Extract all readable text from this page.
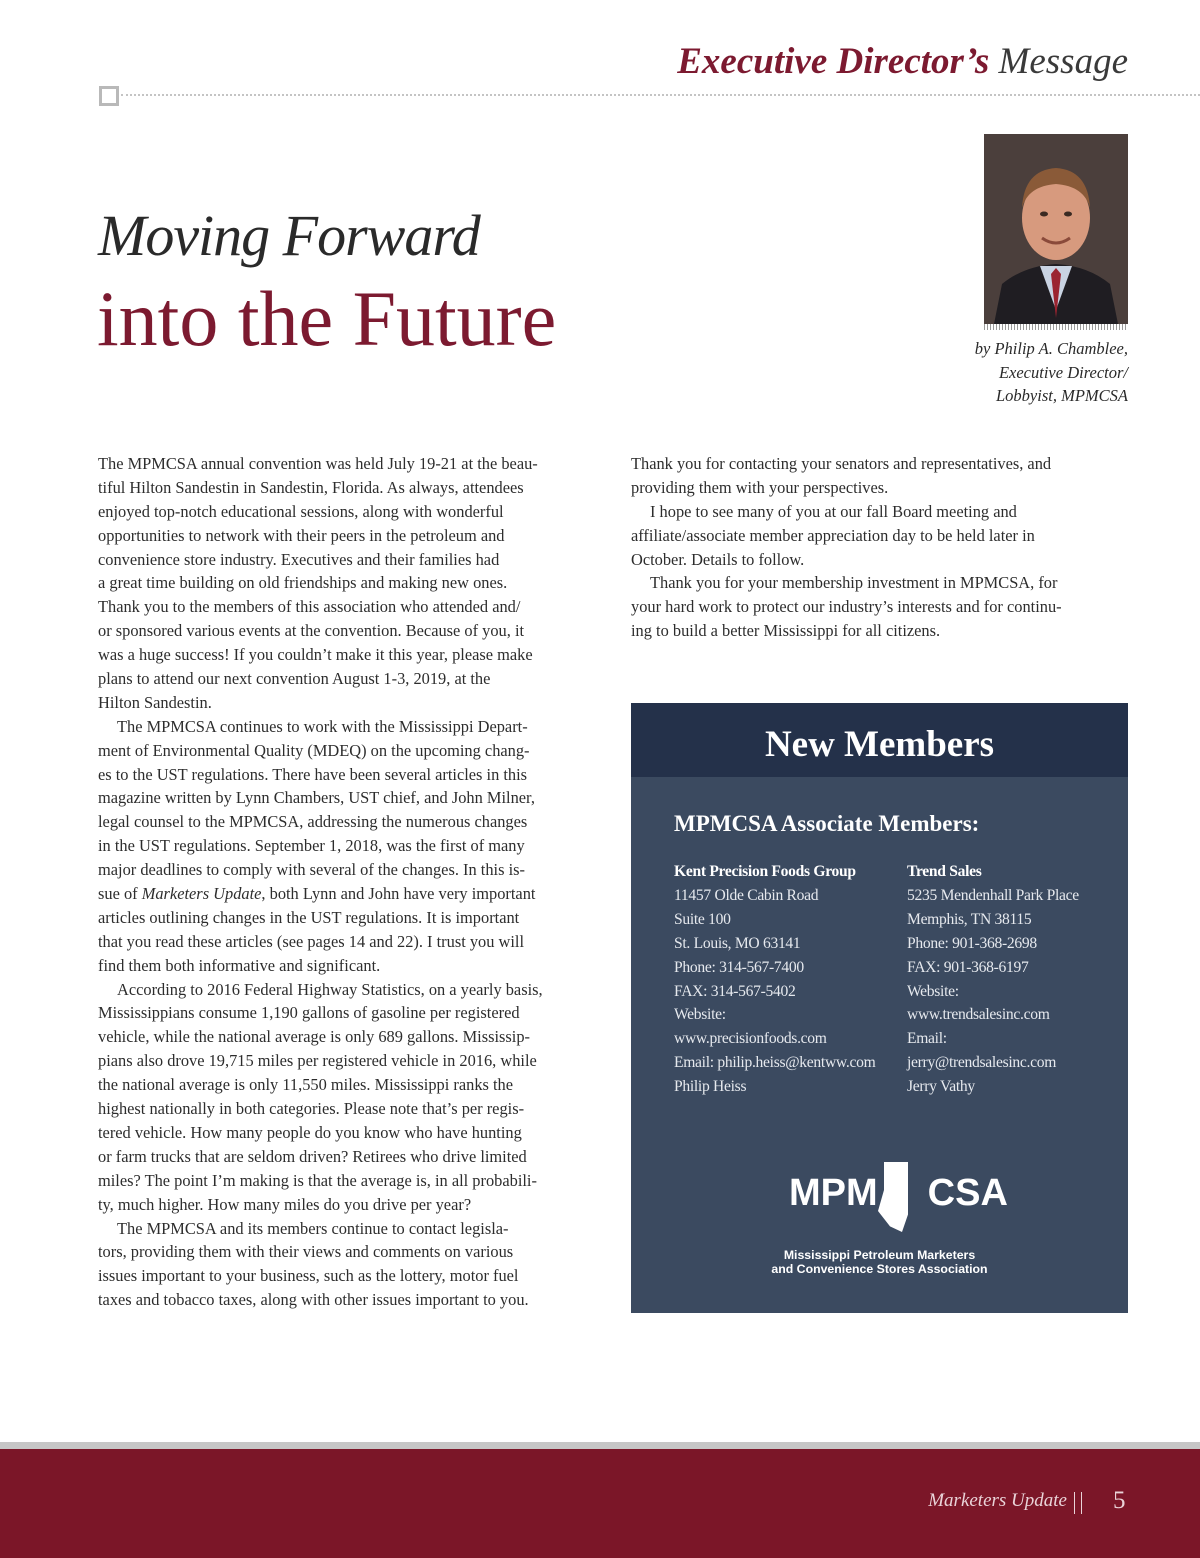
Executive Director’s Message
Moving Forward
into the Future	by Philip A. Chamblee,
Executive Director/
Lobbyist, MPMCSA
The MPMCSA annual convention was held July 19-21 at the beau-
tiful Hilton Sandestin in Sandestin, Florida. As always, attendees
enjoyed top-notch educational sessions, along with wonderful
opportunities to network with their peers in the petroleum and
convenience store industry. Executives and their families had
a great time building on old friendships and making new ones.
Thank you to the members of this association who attended and/
or sponsored various events at the convention. Because of you, it
was a huge success! If you couldn’t make it this year, please make
plans to attend our next convention August 1-3, 2019, at the
Hilton Sandestin.
The MPMCSA continues to work with the Mississippi Depart-
ment of Environmental Quality (MDEQ) on the upcoming chang-
es to the UST regulations. There have been several articles in this
magazine written by Lynn Chambers, UST chief, and John Milner,
legal counsel to the MPMCSA, addressing the numerous changes
in the UST regulations. September 1, 2018, was the first of many
major deadlines to comply with several of the changes. In this is-
sue of Marketers Update, both Lynn and John have very important
articles outlining changes in the UST regulations. It is important
that you read these articles (see pages 14 and 22). I trust you will
find them both informative and significant.
According to 2016 Federal Highway Statistics, on a yearly basis,
Mississippians consume 1,190 gallons of gasoline per registered
vehicle, while the national average is only 689 gallons. Mississip-
pians also drove 19,715 miles per registered vehicle in 2016, while
the national average is only 11,550 miles. Mississippi ranks the
highest nationally in both categories. Please note that’s per regis-
tered vehicle. How many people do you know who have hunting
or farm trucks that are seldom driven? Retirees who drive limited
miles? The point I’m making is that the average is, in all probabili-
ty, much higher. How many miles do you drive per year?
The MPMCSA and its members continue to contact legisla-
tors, providing them with their views and comments on various
issues important to your business, such as the lottery, motor fuel
taxes and tobacco taxes, along with other issues important to you.
Thank you for contacting your senators and representatives, and
providing them with your perspectives.
I hope to see many of you at our fall Board meeting and
affiliate/associate member appreciation day to be held later in
October. Details to follow.
Thank you for your membership investment in MPMCSA, for
your hard work to protect our industry’s interests and for continu-
ing to build a better Mississippi for all citizens.
New Members
MPMCSA Associate Members:
Kent Precision Foods Group
11457 Olde Cabin Road
Suite 100
St. Louis, MO 63141
Phone: 314-567-7400
FAX: 314-567-5402
Website:
www.precisionfoods.com
Email: philip.heiss@kentww.com
Philip Heiss
Trend Sales
5235 Mendenhall Park Place
Memphis, TN 38115
Phone: 901-368-2698
FAX: 901-368-6197
Website:
www.trendsalesinc.com
Email:
jerry@trendsalesinc.com
Jerry Vathy
MPM CSA
Mississippi Petroleum Marketers
and Convenience Stores Association
Marketers Update 5
